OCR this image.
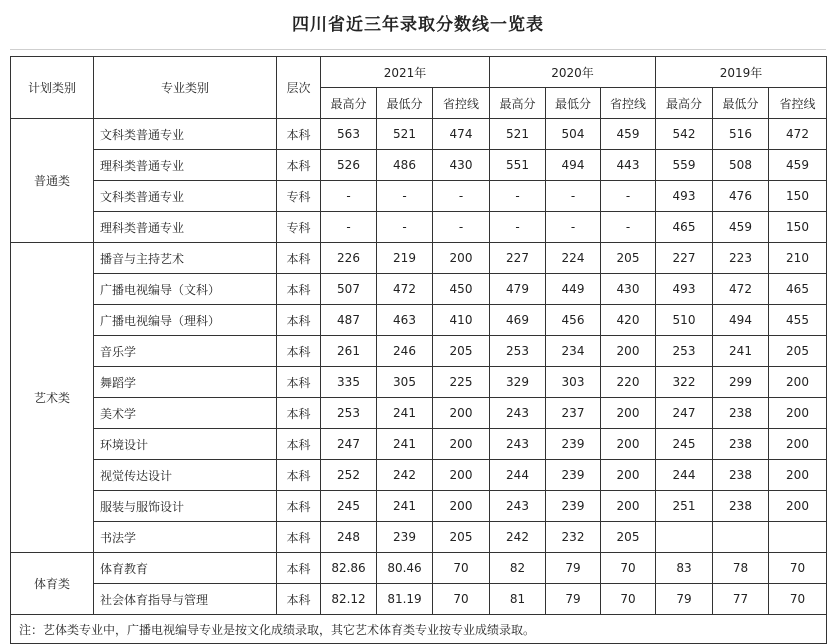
四川省近三年录取分数线一览表
计划类别	专业类别	层次	2021年			2020年			2019年		
			最高分	最低分	省控线	最高分	最低分	省控线	最高分	最低分	省控线
普通类	文科类普通专业	本科	563	521	474	521	504	459	542	516	472
	理科类普通专业	本科	526	486	430	551	494	443	559	508	459
	文科类普通专业	专科	-	-	-	-	-	-	493	476	150
	理科类普通专业	专科	-	-	-	-	-	-	465	459	150
艺术类	播音与主持艺术	本科	226	219	200	227	224	205	227	223	210
	广播电视编导（文科）	本科	507	472	450	479	449	430	493	472	465
	广播电视编导（理科）	本科	487	463	410	469	456	420	510	494	455
	音乐学	本科	261	246	205	253	234	200	253	241	205
	舞蹈学	本科	335	305	225	329	303	220	322	299	200
	美术学	本科	253	241	200	243	237	200	247	238	200
	环境设计	本科	247	241	200	243	239	200	245	238	200
	视觉传达设计	本科	252	242	200	244	239	200	244	238	200
	服装与服饰设计	本科	245	241	200	243	239	200	251	238	200
	书法学	本科	248	239	205	242	232	205			
体育类	体育教育	本科	82.86	80.46	70	82	79	70	83	78	70
	社会体育指导与管理	本科	82.12	81.19	70	81	79	70	79	77	70
注：艺体类专业中，广播电视编导专业是按文化成绩录取，其它艺术体育类专业按专业成绩录取。											
